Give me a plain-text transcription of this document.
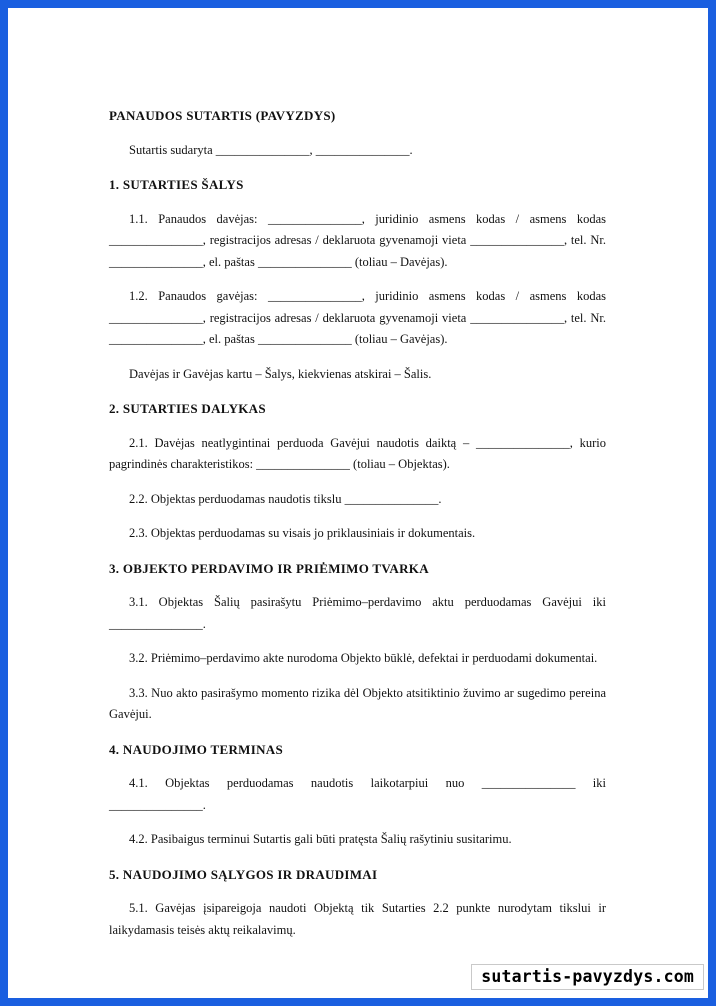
PANAUDOS SUTARTIS (PAVYZDYS)
Sutartis sudaryta _______________, _______________.
1. SUTARTIES ŠALYS
1.1. Panaudos davėjas: _______________, juridinio asmens kodas / asmens kodas _______________, registracijos adresas / deklaruota gyvenamoji vieta _______________, tel. Nr. _______________, el. paštas _______________ (toliau – Davėjas).
1.2. Panaudos gavėjas: _______________, juridinio asmens kodas / asmens kodas _______________, registracijos adresas / deklaruota gyvenamoji vieta _______________, tel. Nr. _______________, el. paštas _______________ (toliau – Gavėjas).
Davėjas ir Gavėjas kartu – Šalys, kiekvienas atskirai – Šalis.
2. SUTARTIES DALYKAS
2.1. Davėjas neatlygintinai perduoda Gavėjui naudotis daiktą – _______________, kurio pagrindinės charakteristikos: _______________ (toliau – Objektas).
2.2. Objektas perduodamas naudotis tikslu _______________.
2.3. Objektas perduodamas su visais jo priklausiniais ir dokumentais.
3. OBJEKTO PERDAVIMO IR PRIĖMIMO TVARKA
3.1. Objektas Šalių pasirašytu Priėmimo–perdavimo aktu perduodamas Gavėjui iki _______________.
3.2. Priėmimo–perdavimo akte nurodoma Objekto būklė, defektai ir perduodami dokumentai.
3.3. Nuo akto pasirašymo momento rizika dėl Objekto atsitiktinio žuvimo ar sugedimo pereina Gavėjui.
4. NAUDOJIMO TERMINAS
4.1. Objektas perduodamas naudotis laikotarpiui nuo _______________ iki _______________.
4.2. Pasibaigus terminui Sutartis gali būti pratęsta Šalių rašytiniu susitarimu.
5. NAUDOJIMO SĄLYGOS IR DRAUDIMAI
5.1. Gavėjas įsipareigoja naudoti Objektą tik Sutarties 2.2 punkte nurodytam tikslui ir laikydamasis teisės aktų reikalavimų.
sutartis-pavyzdys.com
